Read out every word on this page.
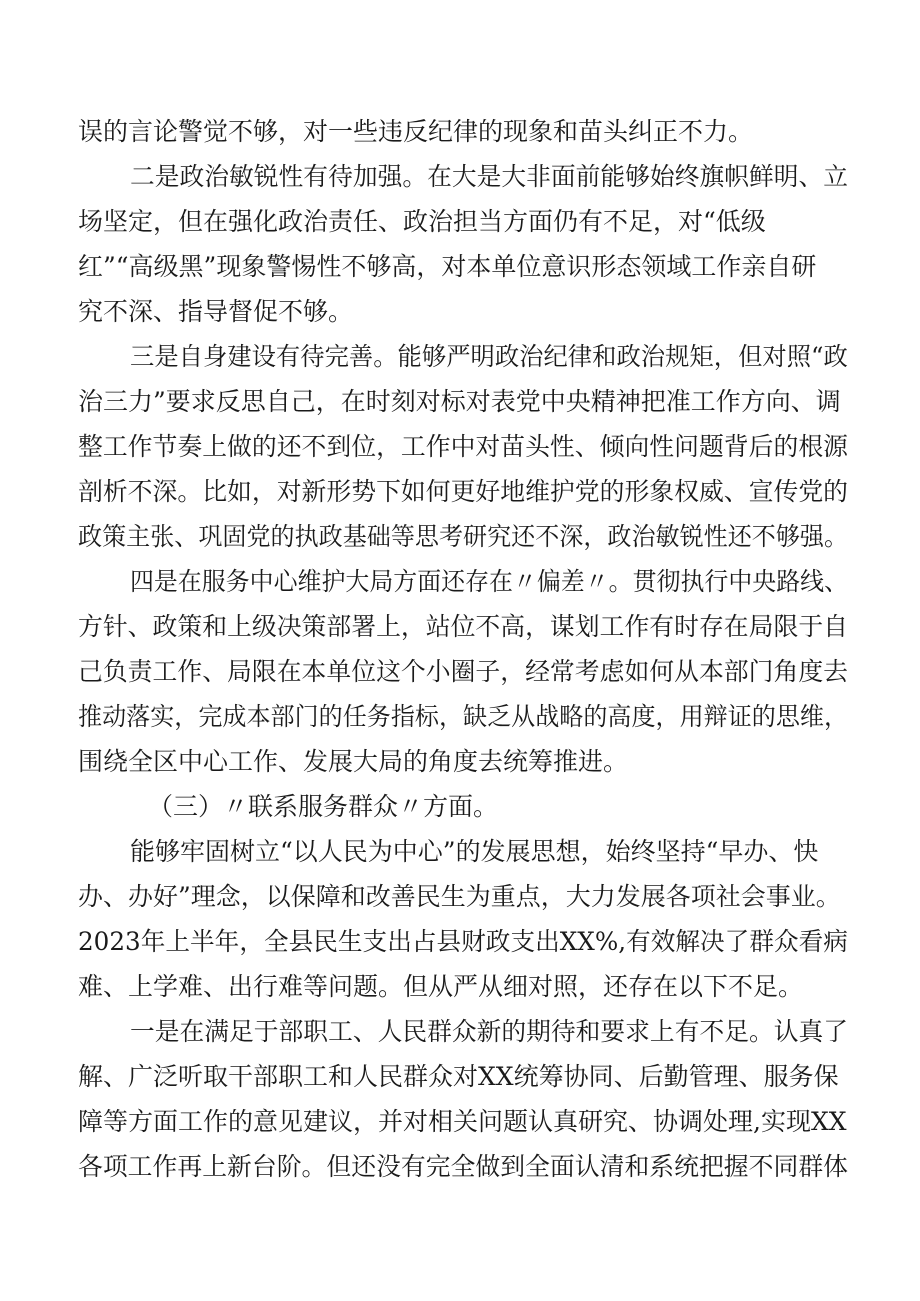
误的言论警觉不够，对一些违反纪律的现象和苗头纠正不力。
二是政治敏锐性有待加强。在大是大非面前能够始终旗帜鲜明、立
场坚定，但在强化政治责任、政治担当方面仍有不足，对“低级
红”“高级黑”现象警惕性不够高，对本单位意识形态领域工作亲自研
究不深、指导督促不够。
三是自身建设有待完善。能够严明政治纪律和政治规矩，但对照“政
治三力”要求反思自己，在时刻对标对表党中央精神把准工作方向、调
整工作节奏上做的还不到位，工作中对苗头性、倾向性问题背后的根源
剖析不深。比如，对新形势下如何更好地维护党的形象权威、宣传党的
政策主张、巩固党的执政基础等思考研究还不深，政治敏锐性还不够强。
四是在服务中心维护大局方面还存在〃偏差〃。贯彻执行中央路线、
方针、政策和上级决策部署上，站位不高，谋划工作有时存在局限于自
己负责工作、局限在本单位这个小圈子，经常考虑如何从本部门角度去
推动落实，完成本部门的任务指标，缺乏从战略的高度，用辩证的思维，
围绕全区中心工作、发展大局的角度去统筹推进。
（三）〃联系服务群众〃方面。
能够牢固树立“以人民为中心”的发展思想，始终坚持“早办、快
办、办好”理念，以保障和改善民生为重点，大力发展各项社会事业。
2023年上半年，全县民生支出占县财政支出XX%,有效解决了群众看病
难、上学难、出行难等问题。但从严从细对照，还存在以下不足。
一是在满足于部职工、人民群众新的期待和要求上有不足。认真了
解、广泛听取干部职工和人民群众对XX统筹协同、后勤管理、服务保
障等方面工作的意见建议，并对相关问题认真研究、协调处理,实现XX
各项工作再上新台阶。但还没有完全做到全面认清和系统把握不同群体
